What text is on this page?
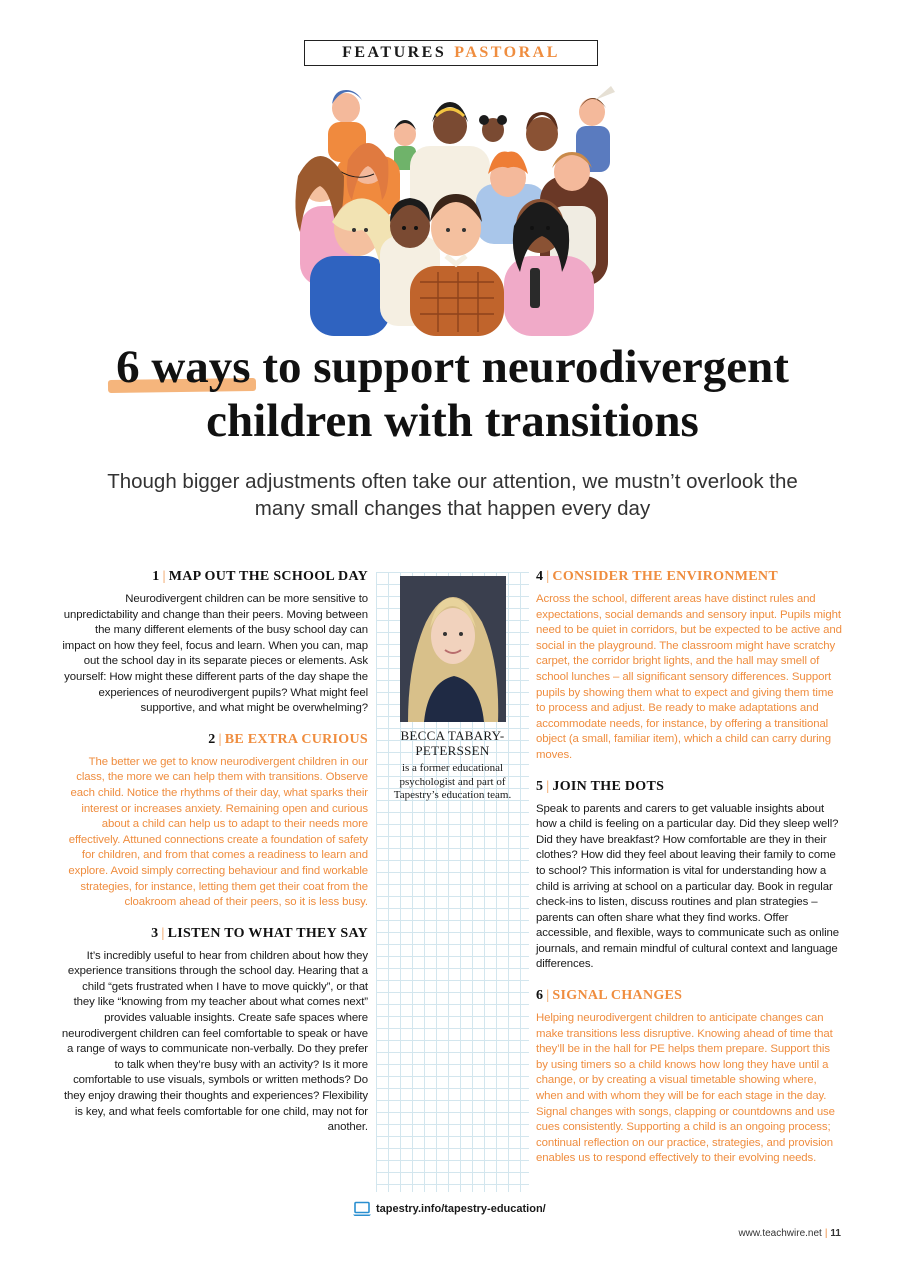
FEATURES PASTORAL
6 ways to support neurodivergent
children with transitions

Though bigger adjustments often take our attention, we mustn’t overlook the many small changes that happen every day

1 | MAP OUT THE SCHOOL DAY

Neurodivergent children can be more sensitive to unpredictability and change than their peers. Moving between the many different elements of the busy school day can impact on how they feel, focus and learn. When you can, map out the school day in its separate pieces or elements. Ask yourself: How might these different parts of the day shape the experiences of neurodivergent pupils? What might feel supportive, and what might be overwhelming?

2 | BE EXTRA CURIOUS

The better we get to know neurodivergent children in our class, the more we can help them with transitions. Observe each child. Notice the rhythms of their day, what sparks their interest or increases anxiety. Remaining open and curious about a child can help us to adapt to their needs more effectively. Attuned connections create a foundation of safety for children, and from that comes a readiness to learn and explore. Avoid simply correcting behaviour and find workable strategies, for instance, letting them get their coat from the cloakroom ahead of their peers, so it is less busy.

3 | LISTEN TO WHAT THEY SAY

It’s incredibly useful to hear from children about how they experience transitions through the school day. Hearing that a child “gets frustrated when I have to move quickly”, or that they like “knowing from my teacher about what comes next” provides valuable insights. Create safe spaces where neurodivergent children can feel comfortable to speak or have a range of ways to communicate non-verbally. Do they prefer to talk when they’re busy with an activity? Is it more comfortable to use visuals, symbols or written methods? Do they enjoy drawing their thoughts and experiences? Flexibility is key, and what feels comfortable for one child, may not for another.

BECCA TABARY-PETERSSEN
is a former educational psychologist and part of Tapestry’s education team.
4 | CONSIDER THE ENVIRONMENT

Across the school, different areas have distinct rules and expectations, social demands and sensory input. Pupils might need to be quiet in corridors, but be expected to be active and social in the playground. The classroom might have scratchy carpet, the corridor bright lights, and the hall may smell of school lunches – all significant sensory differences. Support pupils by showing them what to expect and giving them time to process and adjust. Be ready to make adaptations and accommodate needs, for instance, by offering a transitional object (a small, familiar item), which a child can carry during moves.

5 | JOIN THE DOTS

Speak to parents and carers to get valuable insights about how a child is feeling on a particular day. Did they sleep well? Did they have breakfast? How comfortable are they in their clothes? How did they feel about leaving their family to come to school? This information is vital for understanding how a child is arriving at school on a particular day. Book in regular check-ins to listen, discuss routines and plan strategies – parents can often share what they find works. Offer accessible, and flexible, ways to communicate such as online journals, and remain mindful of cultural context and language differences.

6 | SIGNAL CHANGES

Helping neurodivergent children to anticipate changes can make transitions less disruptive. Knowing ahead of time that they’ll be in the hall for PE helps them prepare. Support this by using timers so a child knows how long they have until a change, or by creating a visual timetable showing where, when and with whom they will be for each stage in the day. Signal changes with songs, clapping or countdowns and use cues consistently. Supporting a child is an ongoing process; continual reflection on our practice, strategies, and provision enables us to respond effectively to their evolving needs.

tapestry.info/tapestry-education/
www.teachwire.net | 11
